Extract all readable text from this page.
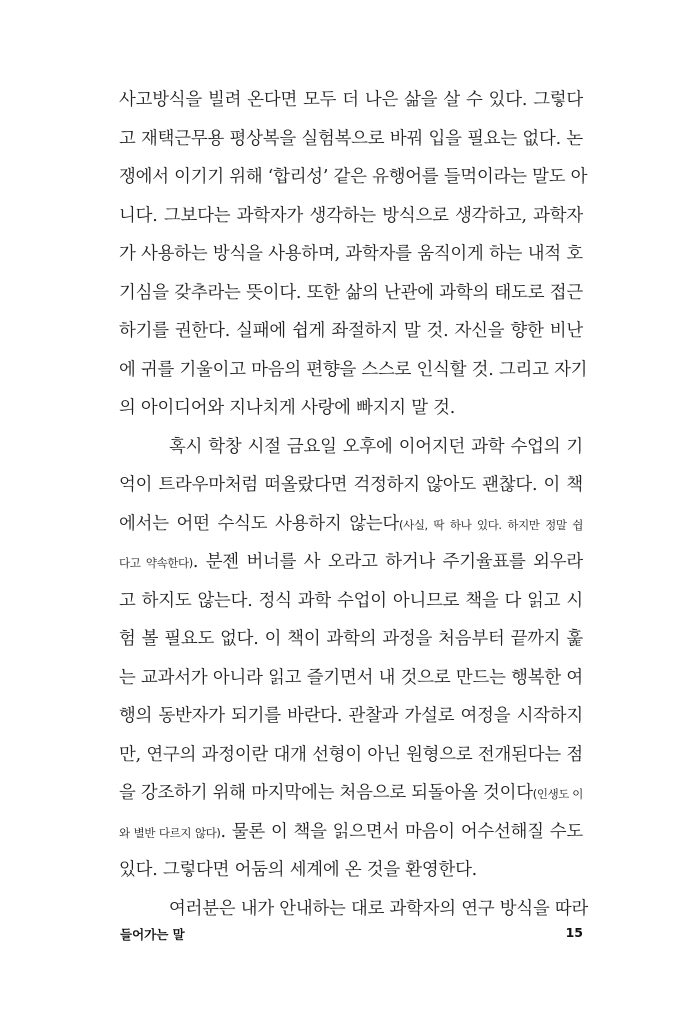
사고방식을 빌려 온다면 모두 더 나은 삶을 살 수 있다. 그렇다
고 재택근무용 평상복을 실험복으로 바꿔 입을 필요는 없다. 논
쟁에서 이기기 위해 ‘합리성’ 같은 유행어를 들먹이라는 말도 아
니다. 그보다는 과학자가 생각하는 방식으로 생각하고, 과학자
가 사용하는 방식을 사용하며, 과학자를 움직이게 하는 내적 호
기심을 갖추라는 뜻이다. 또한 삶의 난관에 과학의 태도로 접근
하기를 권한다. 실패에 쉽게 좌절하지 말 것. 자신을 향한 비난
에 귀를 기울이고 마음의 편향을 스스로 인식할 것. 그리고 자기
의 아이디어와 지나치게 사랑에 빠지지 말 것.
혹시 학창 시절 금요일 오후에 이어지던 과학 수업의 기
억이 트라우마처럼 떠올랐다면 걱정하지 않아도 괜찮다. 이 책
에서는 어떤 수식도 사용하지 않는다(사실, 딱 하나 있다. 하지만 정말 쉽
다고 약속한다). 분젠 버너를 사 오라고 하거나 주기율표를 외우라
고 하지도 않는다. 정식 과학 수업이 아니므로 책을 다 읽고 시
험 볼 필요도 없다. 이 책이 과학의 과정을 처음부터 끝까지 훑
는 교과서가 아니라 읽고 즐기면서 내 것으로 만드는 행복한 여
행의 동반자가 되기를 바란다. 관찰과 가설로 여정을 시작하지
만, 연구의 과정이란 대개 선형이 아닌 원형으로 전개된다는 점
을 강조하기 위해 마지막에는 처음으로 되돌아올 것이다(인생도 이
와 별반 다르지 않다). 물론 이 책을 읽으면서 마음이 어수선해질 수도
있다. 그렇다면 어둠의 세계에 온 것을 환영한다.
여러분은 내가 안내하는 대로 과학자의 연구 방식을 따라
들어가는 말	15
